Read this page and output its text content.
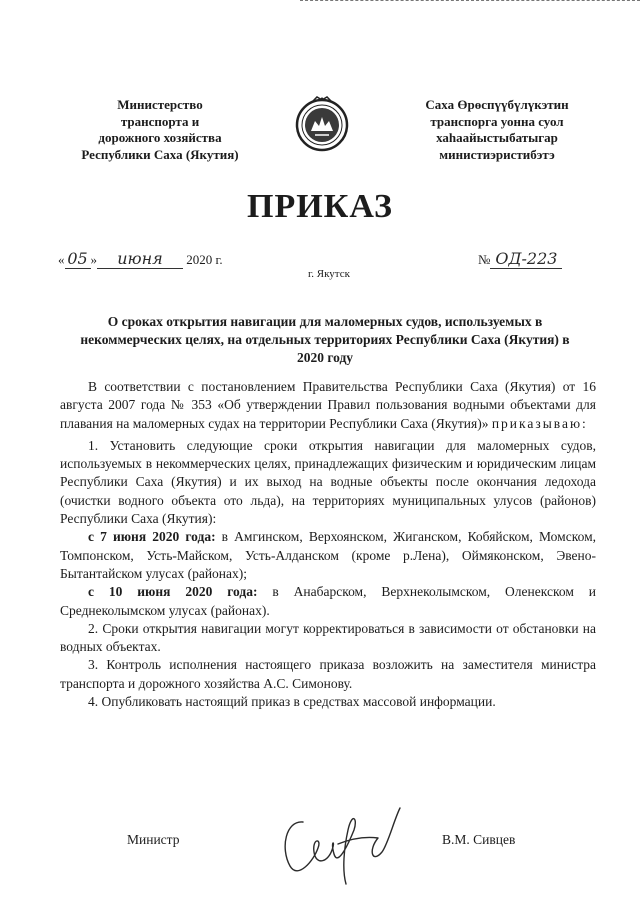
Министерство
транспорта и
дорожного хозяйства
Республики Саха (Якутия)
Саха Өрөспүүбүлүкэтин
транспорга уонна суол
хаһаайыстыбатыгар
министиэристибэтэ
ПРИКАЗ
« 05 » июня 2020 г.	№ ОД-223
г. Якутск
О сроках открытия навигации для маломерных судов, используемых в некоммерческих целях, на отдельных территориях Республики Саха (Якутия) в 2020 году

В соответствии с постановлением Правительства Республики Саха (Якутия) от 16 августа 2007 года № 353 «Об утверждении Правил пользования водными объектами для плавания на маломерных судах на территории Республики Саха (Якутия)» приказываю:

1. Установить следующие сроки открытия навигации для маломерных судов, используемых в некоммерческих целях, принадлежащих физическим и юридическим лицам Республики Саха (Якутия) и их выход на водные объекты после окончания ледохода (очистки водного объекта ото льда), на территориях муниципальных улусов (районов) Республики Саха (Якутия):

с 7 июня 2020 года: в Амгинском, Верхоянском, Жиганском, Кобяйском, Момском, Томпонском, Усть-Майском, Усть-Алданском (кроме р.Лена), Оймяконском, Эвено-Бытантайском улусах (районах);

с 10 июня 2020 года: в Анабарском, Верхнеколымском, Оленекском и Среднеколымском улусах (районах).

2. Сроки открытия навигации могут корректироваться в зависимости от обстановки на водных объектах.

3. Контроль исполнения настоящего приказа возложить на заместителя министра транспорта и дорожного хозяйства А.С. Симонову.

4. Опубликовать настоящий приказ в средствах массовой информации.

Министр	В.М. Сивцев
